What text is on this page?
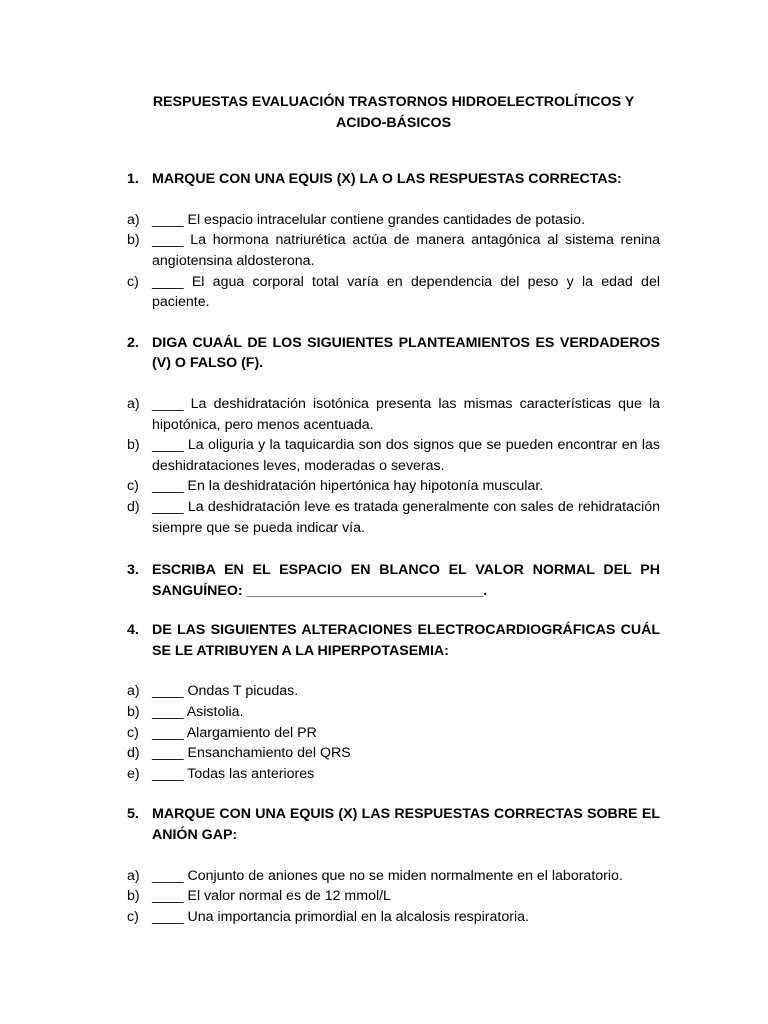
RESPUESTAS EVALUACIÓN TRASTORNOS HIDROELECTROLÍTICOS Y
ACIDO-BÁSICOS
1. MARQUE CON UNA EQUIS (X) LA O LAS RESPUESTAS CORRECTAS:
a) ____ El espacio intracelular contiene grandes cantidades de potasio.
b) ____ La hormona natriurética actúa de manera antagónica al sistema renina angiotensina aldosterona.
c) ____ El agua corporal total varía en dependencia del peso y la edad del paciente.
2. DIGA CUAÁL DE LOS SIGUIENTES PLANTEAMIENTOS ES VERDADEROS (V) O FALSO (F).
a) ____ La deshidratación isotónica presenta las mismas características que la hipotónica, pero menos acentuada.
b) ____ La oliguria y la taquicardia son dos signos que se pueden encontrar en las deshidrataciones leves, moderadas o severas.
c) ____ En la deshidratación hipertónica hay hipotonía muscular.
d) ____ La deshidratación leve es tratada generalmente con sales de rehidratación siempre que se pueda indicar vía.
3. ESCRIBA EN EL ESPACIO EN BLANCO EL VALOR NORMAL DEL PH SANGUÍNEO: ______________________________.
4. DE LAS SIGUIENTES ALTERACIONES ELECTROCARDIOGRÁFICAS CUÁL SE LE ATRIBUYEN A LA HIPERPOTASEMIA:
a) ____ Ondas T picudas.
b) ____ Asistolia.
c) ____ Alargamiento del PR
d) ____ Ensanchamiento del QRS
e) ____ Todas las anteriores
5. MARQUE CON UNA EQUIS (X) LAS RESPUESTAS CORRECTAS SOBRE EL ANIÓN GAP:
a) ____ Conjunto de aniones que no se miden normalmente en el laboratorio.
b) ____ El valor normal es de 12 mmol/L
c) ____ Una importancia primordial en la alcalosis respiratoria.
